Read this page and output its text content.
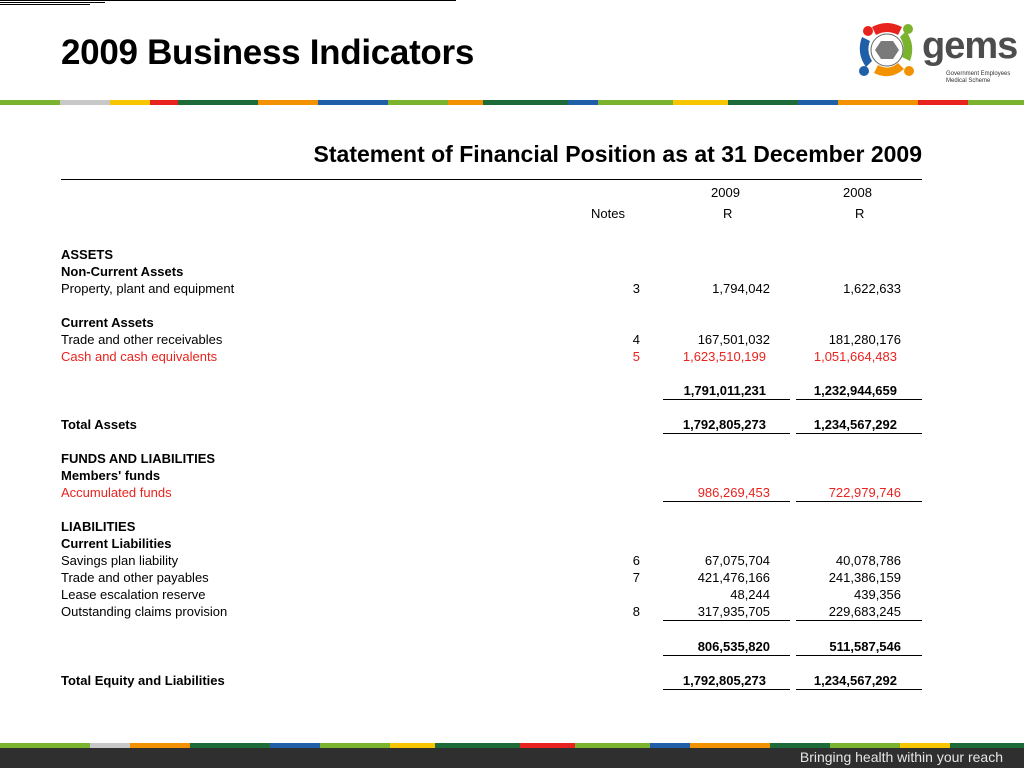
2009 Business Indicators	gems
Government Employees
Medical Scheme
Statement of Financial Position as at 31 December 2009
2009	2008
Notes	R	R
ASSETS
Non-Current Assets
Property, plant and equipment	3	1,794,042	1,622,633
Current Assets
Trade and other receivables	4	167,501,032	181,280,176
Cash and cash equivalents	5	1,623,510,199	1,051,664,483
1,791,011,231	1,232,944,659
Total Assets	1,792,805,273	1,234,567,292
FUNDS AND LIABILITIES
Members' funds
Accumulated funds	986,269,453	722,979,746
LIABILITIES
Current Liabilities
Savings plan liability	6	67,075,704	40,078,786
Trade and other payables	7	421,476,166	241,386,159
Lease escalation reserve	48,244	439,356
Outstanding claims provision	8	317,935,705	229,683,245
806,535,820	511,587,546
Total Equity and Liabilities	1,792,805,273	1,234,567,292
Bringing health within your reach
